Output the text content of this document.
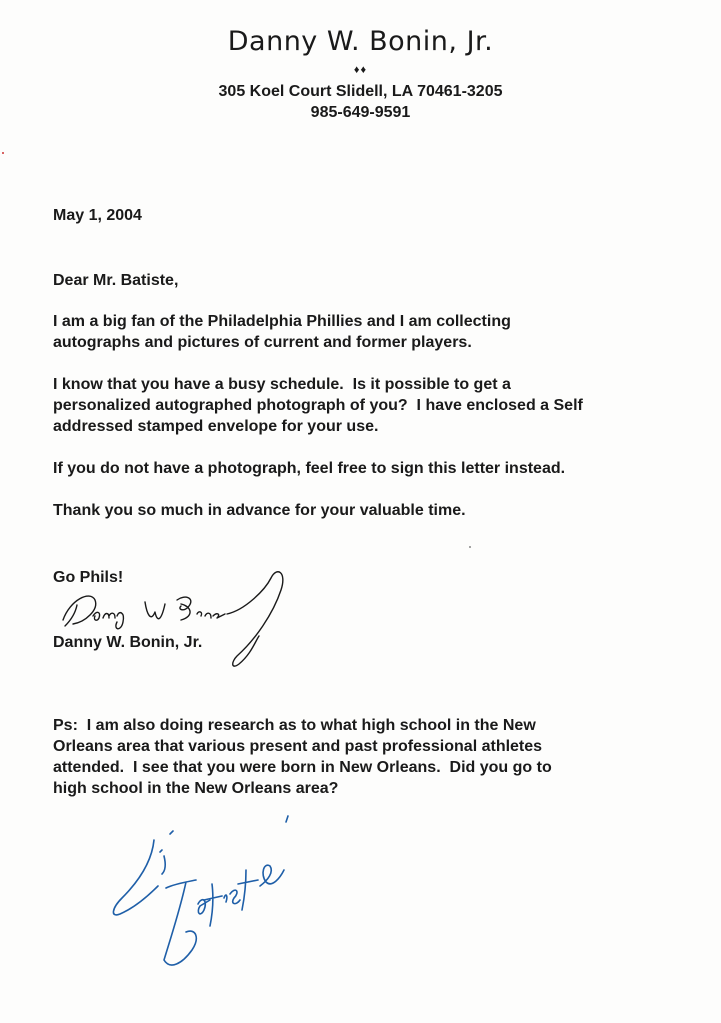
Danny W. Bonin, Jr.
♦♦
305 Koel Court Slidell, LA 70461-3205
985-649-9591
May 1, 2004
Dear Mr. Batiste,
I am a big fan of the Philadelphia Phillies and I am collecting
autographs and pictures of current and former players.
I know that you have a busy schedule.  Is it possible to get a
personalized autographed photograph of you?  I have enclosed a Self
addressed stamped envelope for your use.
If you do not have a photograph, feel free to sign this letter instead.
Thank you so much in advance for your valuable time.
Go Phils!
Danny W. Bonin, Jr.
Ps:  I am also doing research as to what high school in the New
Orleans area that various present and past professional athletes
attended.  I see that you were born in New Orleans.  Did you go to
high school in the New Orleans area?
